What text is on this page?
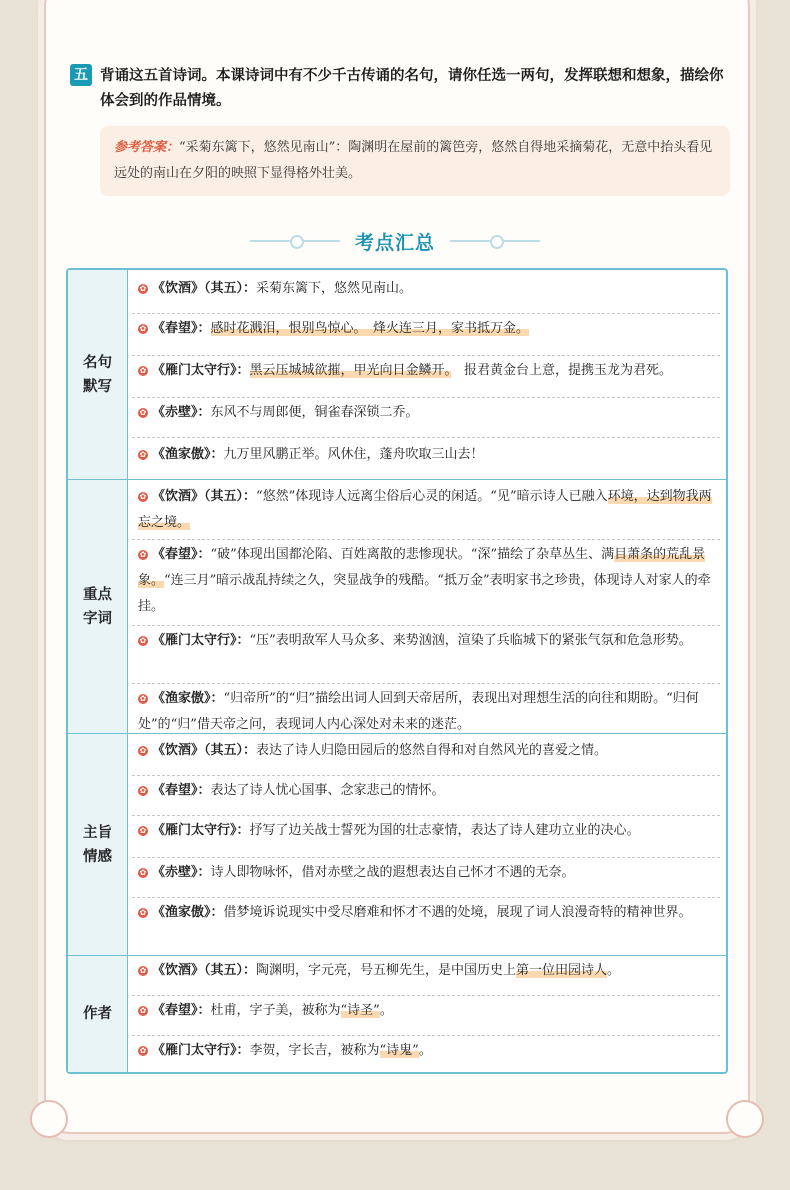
五 背诵这五首诗词。本课诗词中有不少千古传诵的名句，请你任选一两句，发挥联想和想象，描绘你体会到的作品情境。
参考答案：“采菊东篱下，悠然见南山”：陶渊明在屋前的篱笆旁，悠然自得地采摘菊花，无意中抬头看见远处的南山在夕阳的映照下显得格外壮美。
考点汇总
名句默写
✿ 《饮酒》（其五）：采菊东篱下，悠然见南山。
✿ 《春望》：感时花溅泪，恨别鸟惊心。　烽火连三月，家书抵万金。
✿ 《雁门太守行》：黑云压城城欲摧，甲光向日金鳞开。　报君黄金台上意，提携玉龙为君死。
✿ 《赤壁》：东风不与周郎便，铜雀春深锁二乔。
✿ 《渔家傲》：九万里风鹏正举。风休住，蓬舟吹取三山去！
重点字词
✿ 《饮酒》（其五）：“悠然”体现诗人远离尘俗后心灵的闲适。“见”暗示诗人已融入环境，达到物我两忘之境。
✿ 《春望》：“破”体现出国都沦陷、百姓离散的悲惨现状。“深”描绘了杂草丛生、满目萧条的荒乱景象。“连三月”暗示战乱持续之久，突显战争的残酷。“抵万金”表明家书之珍贵，体现诗人对家人的牵挂。
✿ 《雁门太守行》：“压”表明敌军人马众多、来势汹汹，渲染了兵临城下的紧张气氛和危急形势。
✿ 《渔家傲》：“归帝所”的“归”描绘出词人回到天帝居所，表现出对理想生活的向往和期盼。“归何处”的“归”借天帝之问，表现词人内心深处对未来的迷茫。
主旨情感
✿ 《饮酒》（其五）：表达了诗人归隐田园后的悠然自得和对自然风光的喜爱之情。
✿ 《春望》：表达了诗人忧心国事、念家悲己的情怀。
✿ 《雁门太守行》：抒写了边关战士誓死为国的壮志豪情，表达了诗人建功立业的决心。
✿ 《赤壁》：诗人即物咏怀，借对赤壁之战的遐想表达自己怀才不遇的无奈。
✿ 《渔家傲》：借梦境诉说现实中受尽磨难和怀才不遇的处境，展现了词人浪漫奇特的精神世界。
作者
✿ 《饮酒》（其五）：陶渊明，字元亮，号五柳先生，是中国历史上第一位田园诗人。
✿ 《春望》：杜甫，字子美，被称为“诗圣”。
✿ 《雁门太守行》：李贺，字长吉，被称为“诗鬼”。
